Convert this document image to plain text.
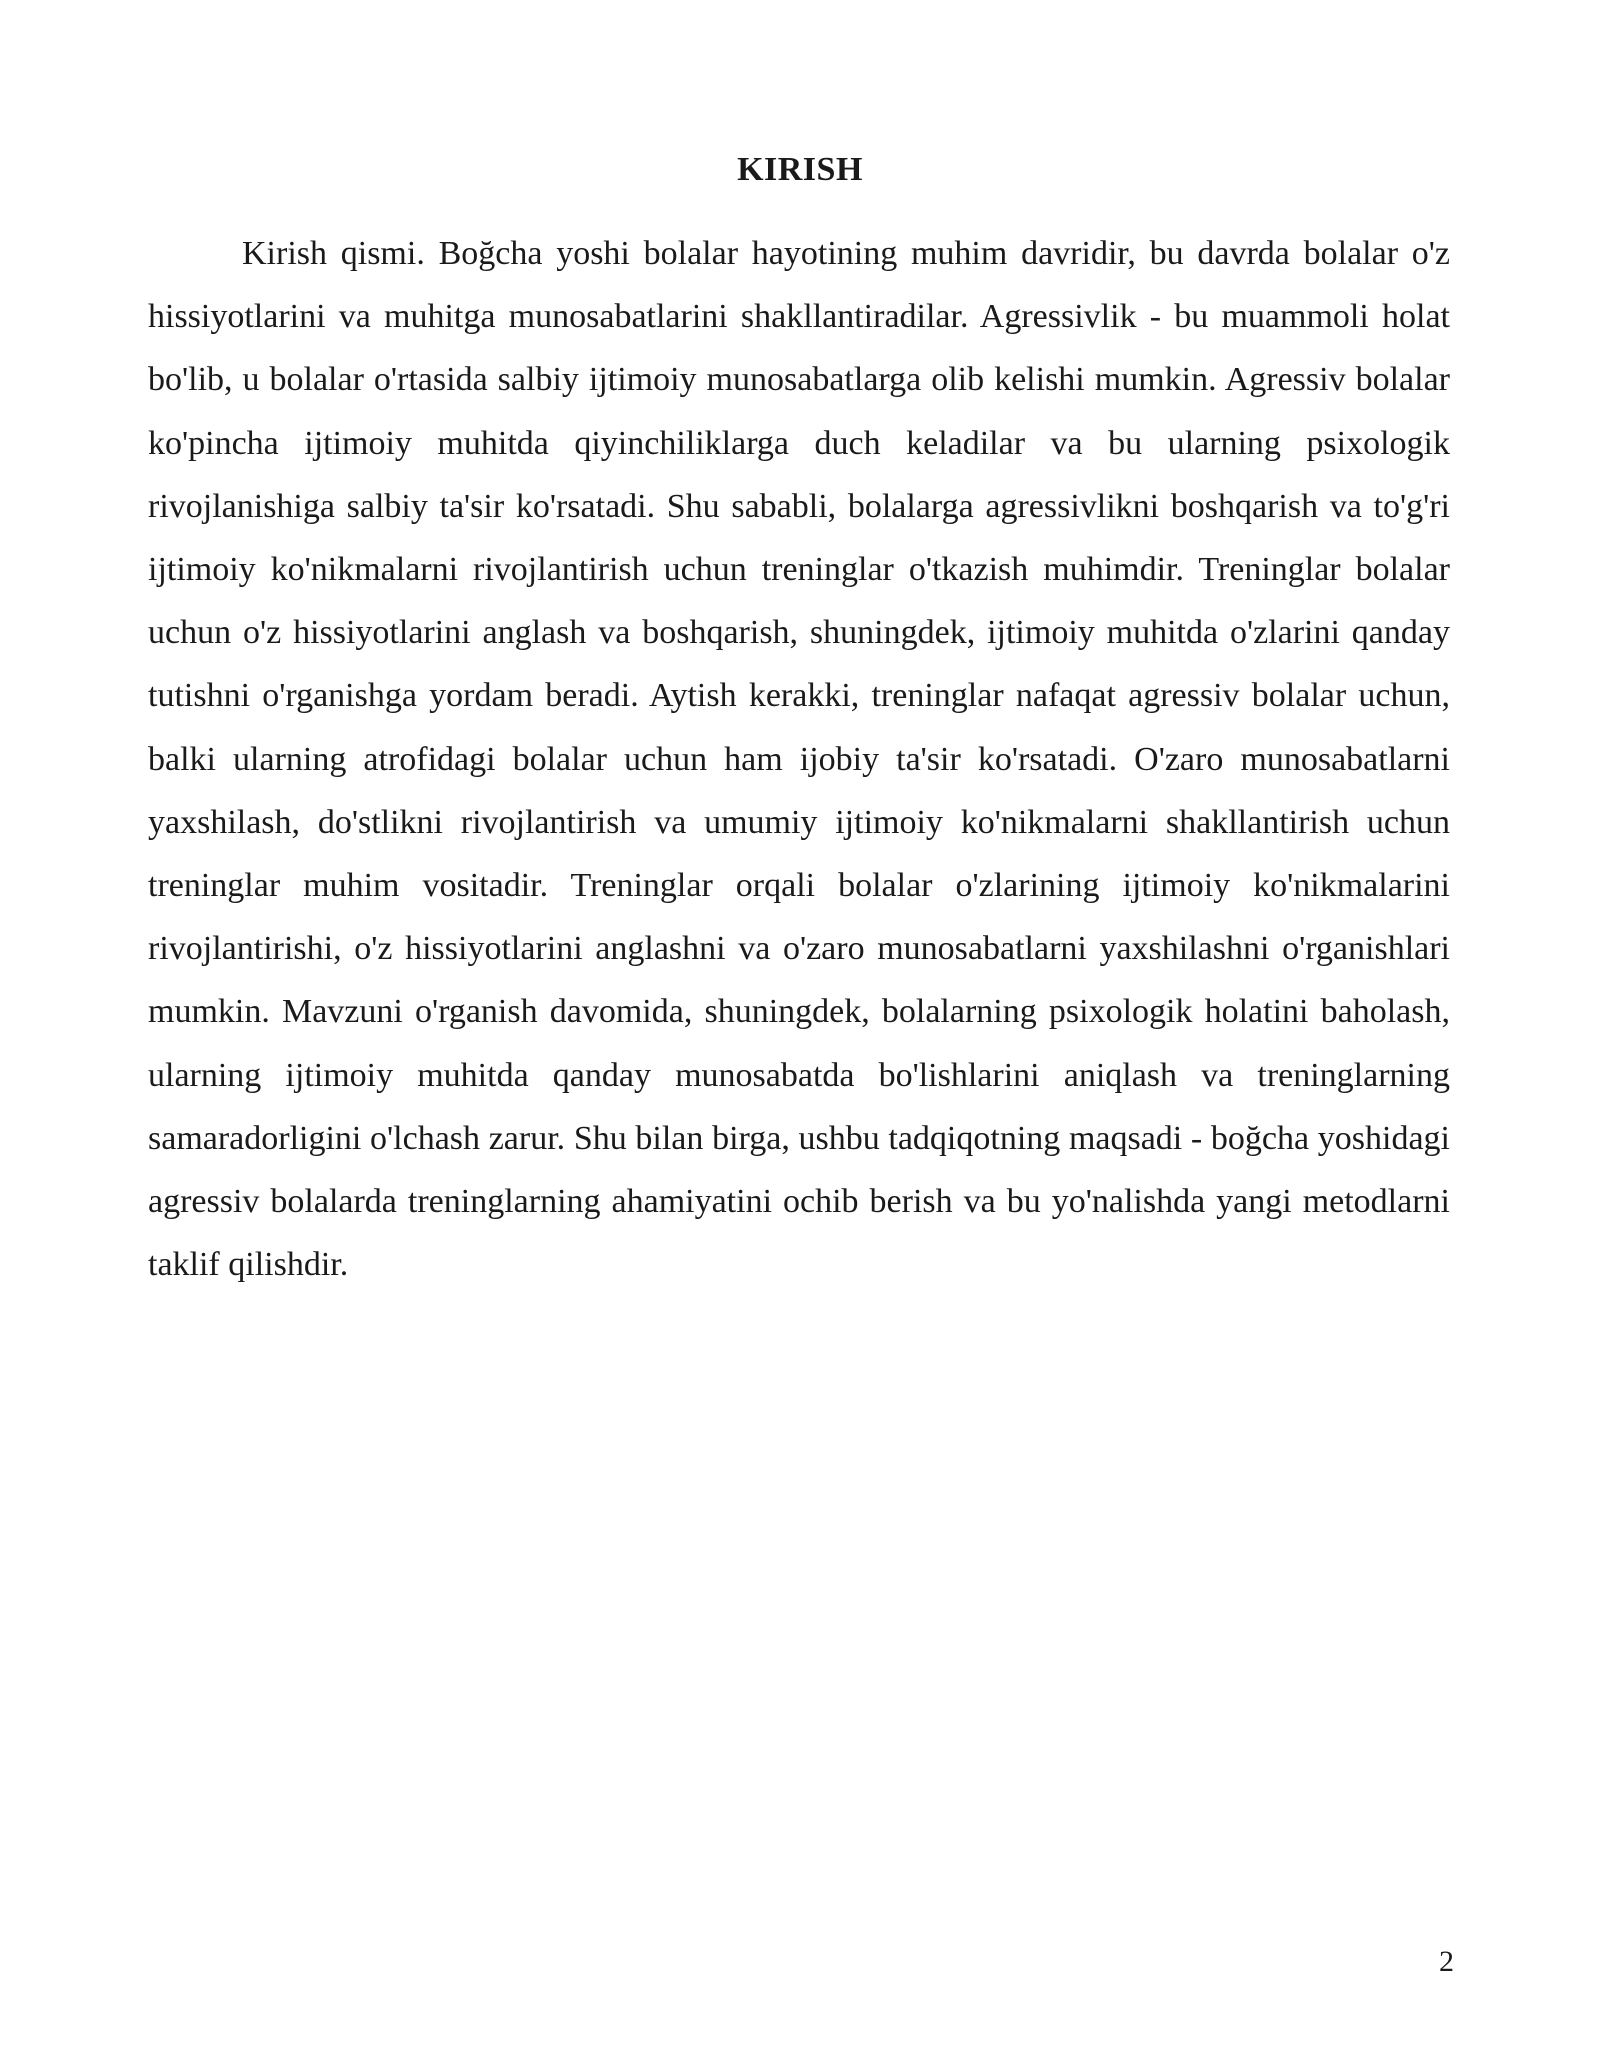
KIRISH

Kirish qismi. Boğcha yoshi bolalar hayotining muhim davridir, bu davrda bolalar o'z hissiyotlarini va muhitga munosabatlarini shakllantiradilar. Agressivlik - bu muammoli holat bo'lib, u bolalar o'rtasida salbiy ijtimoiy munosabatlarga olib kelishi mumkin. Agressiv bolalar ko'pincha ijtimoiy muhitda qiyinchiliklarga duch keladilar va bu ularning psixologik rivojlanishiga salbiy ta'sir ko'rsatadi. Shu sababli, bolalarga agressivlikni boshqarish va to'g'ri ijtimoiy ko'nikmalarni rivojlantirish uchun treninglar o'tkazish muhimdir. Treninglar bolalar uchun o'z hissiyotlarini anglash va boshqarish, shuningdek, ijtimoiy muhitda o'zlarini qanday tutishni o'rganishga yordam beradi. Aytish kerakki, treninglar nafaqat agressiv bolalar uchun, balki ularning atrofidagi bolalar uchun ham ijobiy ta'sir ko'rsatadi. O'zaro munosabatlarni yaxshilash, do'stlikni rivojlantirish va umumiy ijtimoiy ko'nikmalarni shakllantirish uchun treninglar muhim vositadir. Treninglar orqali bolalar o'zlarining ijtimoiy ko'nikmalarini rivojlantirishi, o'z hissiyotlarini anglashni va o'zaro munosabatlarni yaxshilashni o'rganishlari mumkin. Mavzuni o'rganish davomida, shuningdek, bolalarning psixologik holatini baholash, ularning ijtimoiy muhitda qanday munosabatda bo'lishlarini aniqlash va treninglarning samaradorligini o'lchash zarur. Shu bilan birga, ushbu tadqiqotning maqsadi - boğcha yoshidagi agressiv bolalarda treninglarning ahamiyatini ochib berish va bu yo'nalishda yangi metodlarni taklif qilishdir.

2
